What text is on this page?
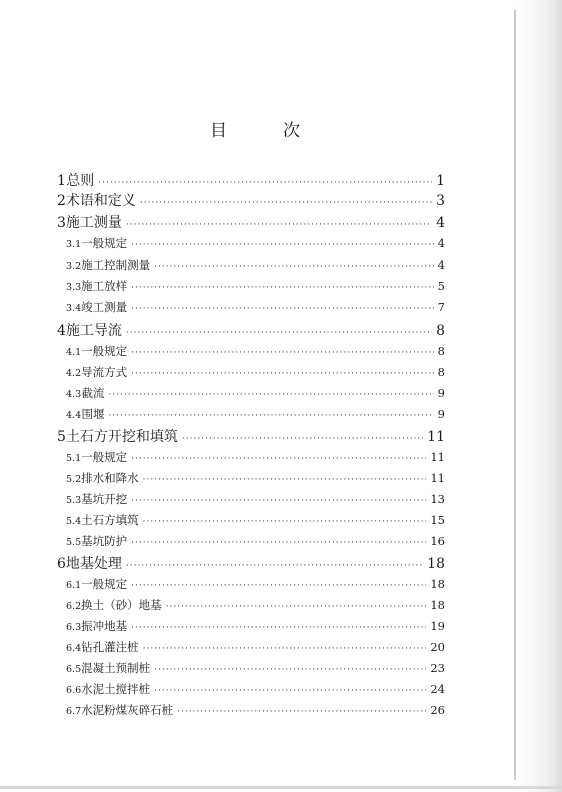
目　次
1 总则 ·····	1
2 术语和定义 ·····	3
3 施工测量 ·····	4
3.1 一般规定 ·····	4
3.2 施工控制测量 ·····	4
3.3 施工放样 ·····	5
3.4 竣工测量 ·····	7
4 施工导流 ·····	8
4.1 一般规定 ·····	8
4.2 导流方式 ·····	8
4.3 截流 ·····	9
4.4 围堰 ·····	9
5 土石方开挖和填筑 ·····	11
5.1 一般规定 ·····	11
5.2 排水和降水 ·····	11
5.3 基坑开挖 ·····	13
5.4 土石方填筑 ·····	15
5.5 基坑防护 ·····	16
6 地基处理 ·····	18
6.1 一般规定 ·····	18
6.2 换土（砂）地基 ·····	18
6.3 振冲地基 ·····	19
6.4 钻孔灌注桩 ·····	20
6.5 混凝土预制桩 ·····	23
6.6 水泥土搅拌桩 ·····	24
6.7 水泥粉煤灰碎石桩 ·····	26
